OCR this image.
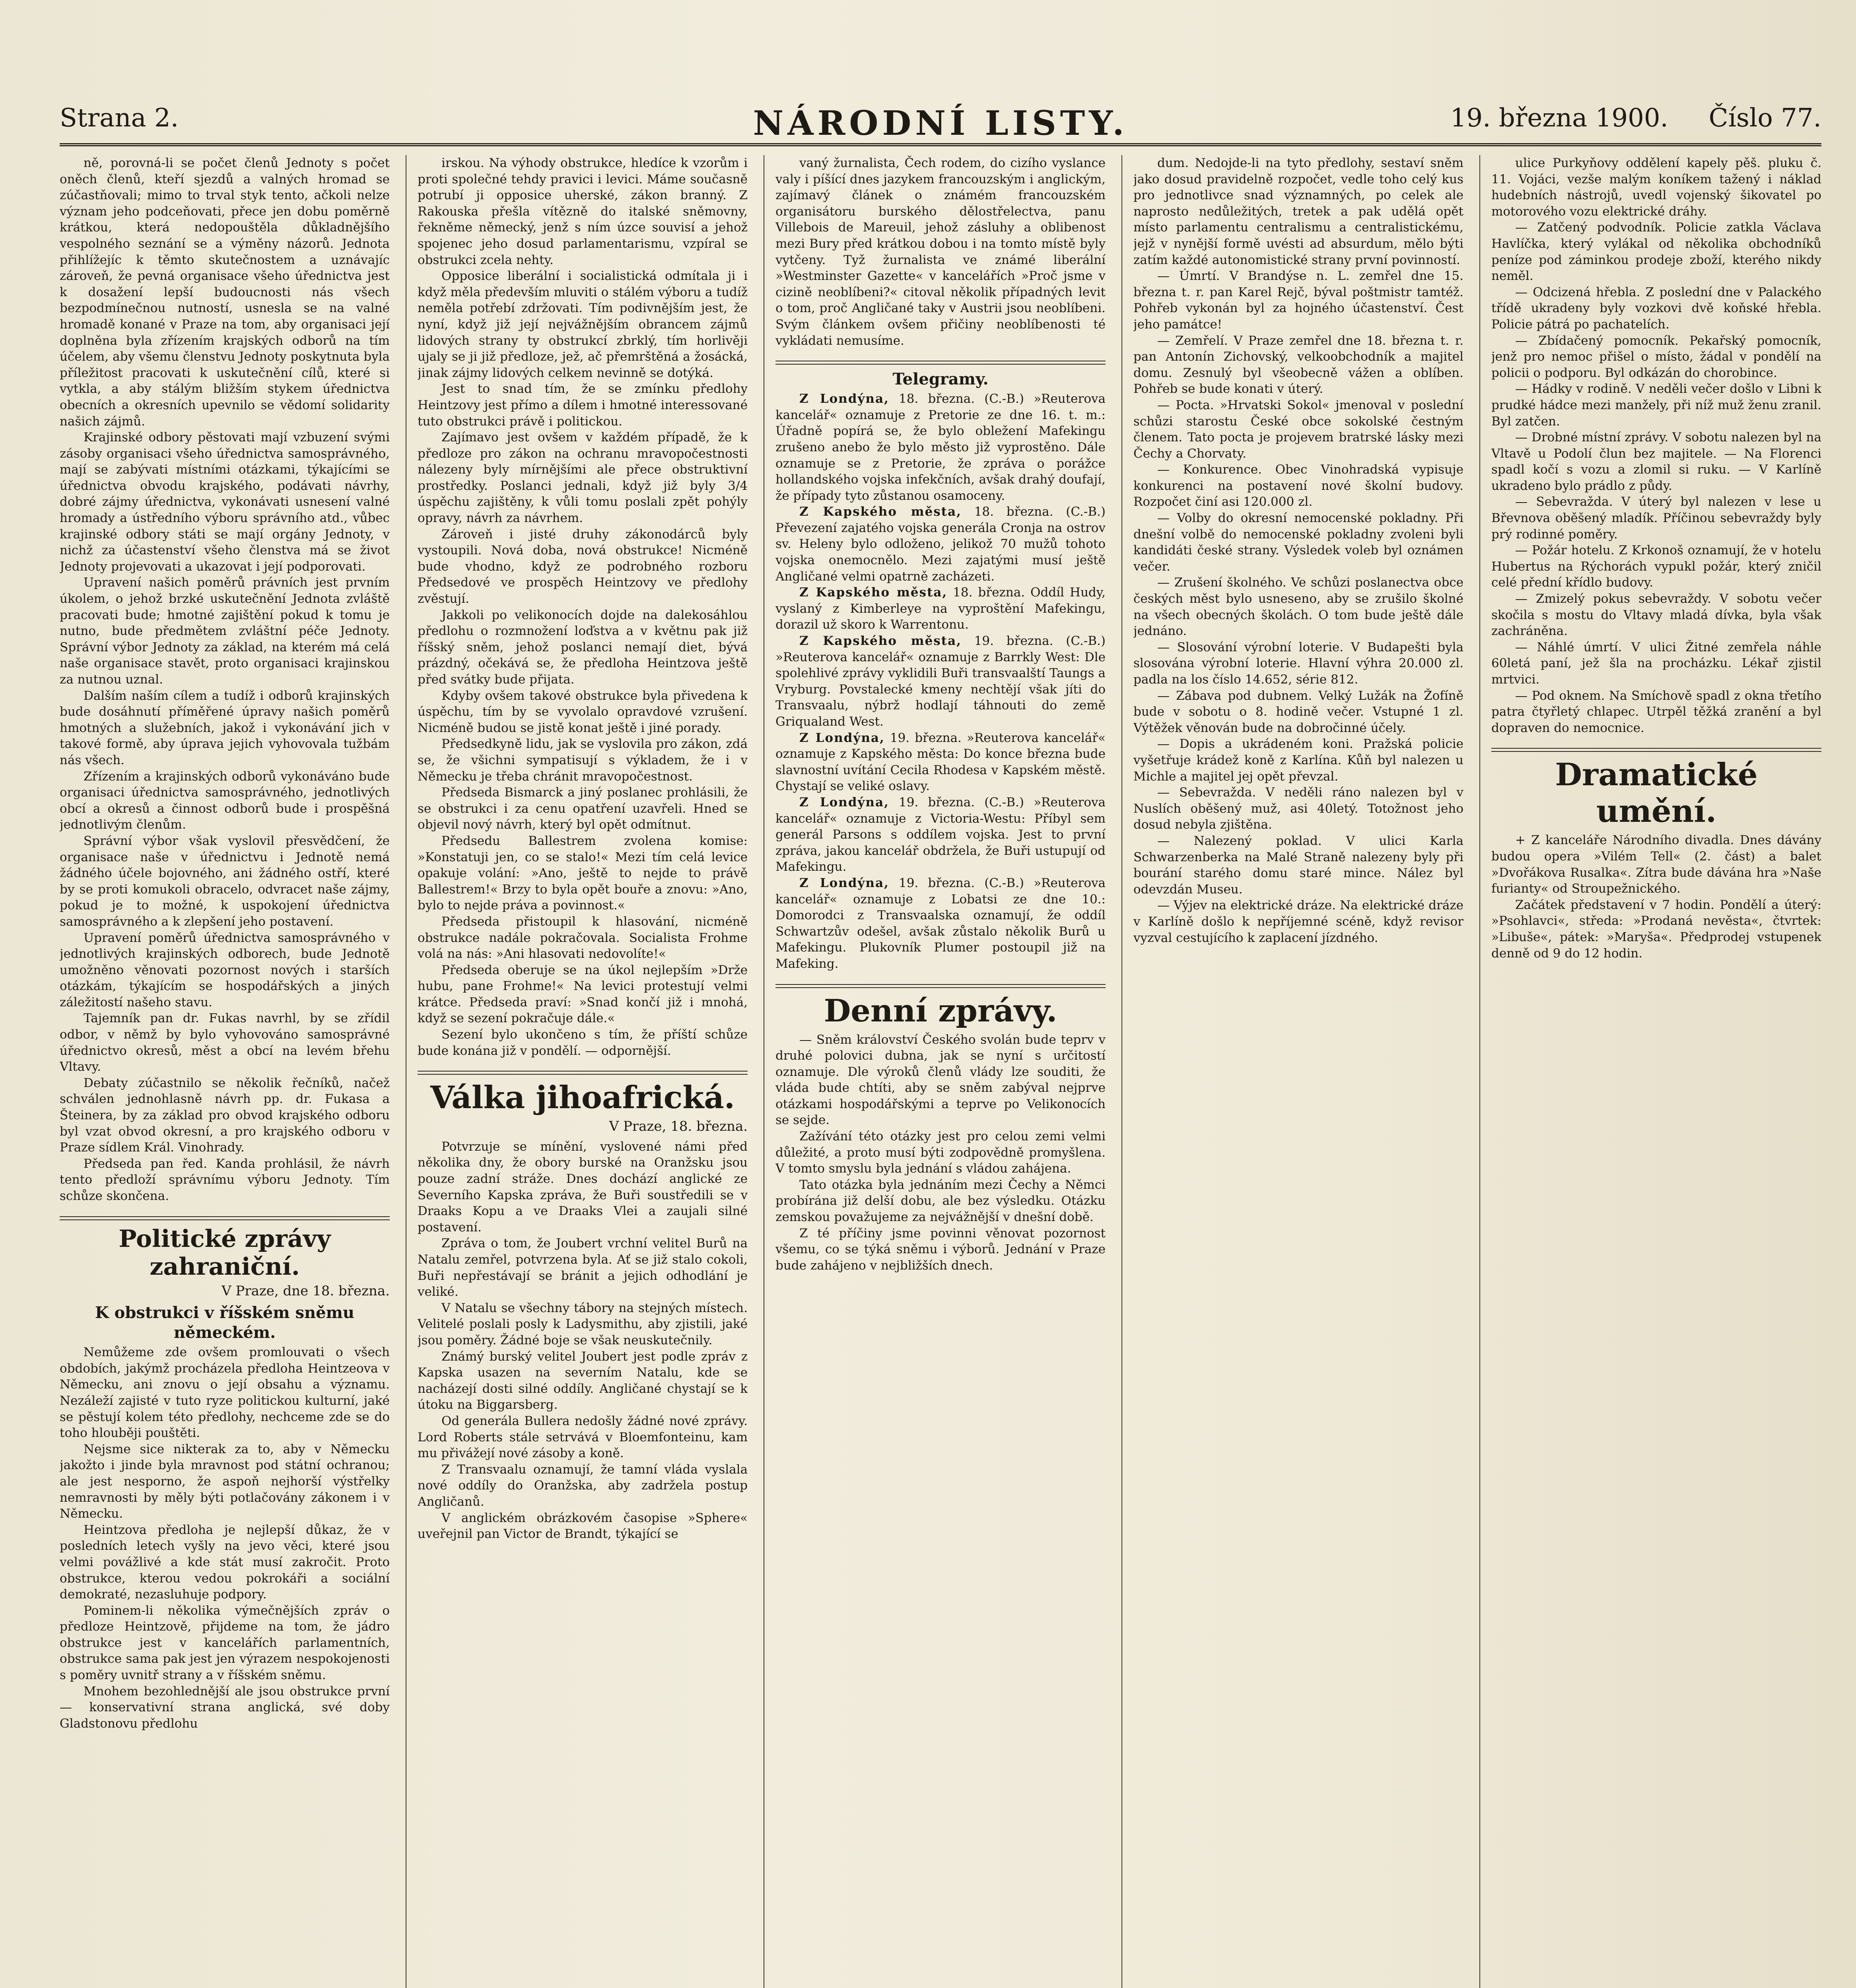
Strana 2.	NÁRODNÍ LISTY.	19. března 1900. Číslo 77.

ně, porovná-li se počet členů Jednoty s počet oněch členů, kteří sjezdů a valných hromad se zúčastňovali; mimo to trval styk tento, ačkoli nelze význam jeho podceňovati, přece jen dobu poměrně krátkou, která nedopouštěla důkladnějšího vespolného seznání se a výměny názorů. Jednota přihlížejíc k těmto skutečnostem a uznávajíc zároveň, že pevná organisace všeho úřednictva jest k dosažení lepší budoucnosti nás všech bezpodmínečnou nutností, usnesla se na valné hromadě konané v Praze na tom, aby organisaci její doplněna byla zřízením krajských odborů na tím účelem, aby všemu členstvu Jednoty poskytnuta byla příležitost pracovati k uskutečnění cílů, které si vytkla, a aby stálým bližším stykem úřednictva obecních a okresních upevnilo se vědomí solidarity našich zájmů.

Krajinské odbory pěstovati mají vzbuzení svými zásoby organisaci všeho úřednictva samosprávného, mají se zabývati místními otázkami, týkajícími se úřednictva obvodu krajského, podávati návrhy, dobré zájmy úřednictva, vykonávati usnesení valné hromady a ústředního výboru správního atd., vůbec krajinské odbory státi se mají orgány Jednoty, v nichž za účastenství všeho členstva má se život Jednoty projevovati a ukazovat i její podporovati.

Upravení našich poměrů právních jest prvním úkolem, o jehož brzké uskutečnění Jednota zvláště pracovati bude; hmotné zajištění pokud k tomu je nutno, bude předmětem zvláštní péče Jednoty. Správní výbor Jednoty za základ, na kterém má celá naše organisace stavět, proto organisaci krajinskou za nutnou uznal.

Dalším naším cílem a tudíž i odborů krajinských bude dosáhnutí příměřené úpravy našich poměrů hmotných a služebních, jakož i vykonávání jich v takové formě, aby úprava jejich vyhovovala tužbám nás všech.

Zřízením a krajinských odborů vykonáváno bude organisaci úřednictva samosprávného, jednotlivých obcí a okresů a činnost odborů bude i prospěšná jednotlivým členům.

Správní výbor však vyslovil přesvědčení, že organisace naše v úřednictvu i Jednotě nemá žádného účele bojovného, ani žádného ostří, které by se proti komukoli obracelo, odvracet naše zájmy, pokud je to možné, k uspokojení úřednictva samosprávného a k zlepšení jeho postavení.

Upravení poměrů úřednictva samosprávného v jednotlivých krajinských odborech, bude Jednotě umožněno věnovati pozornost nových i starších otázkám, týkajícím se hospodářských a jiných záležitostí našeho stavu.

Tajemník pan dr. Fukas navrhl, by se zřídil odbor, v němž by bylo vyhovováno samosprávné úřednictvo okresů, měst a obcí na levém břehu Vltavy.

Debaty zúčastnilo se několik řečníků, načež schválen jednohlasně návrh pp. dr. Fukasa a Šteinera, by za základ pro obvod krajského odboru byl vzat obvod okresní, a pro krajského odboru v Praze sídlem Král. Vinohrady.

Předseda pan řed. Kanda prohlásil, že návrh tento předloží správnímu výboru Jednoty. Tím schůze skončena.

Politické zprávy zahraniční.
V Praze, dne 18. března.
K obstrukci v říšském sněmu německém.

Nemůžeme zde ovšem promlouvati o všech obdobích, jakýmž procházela předloha Heintzeova v Německu, ani znovu o její obsahu a významu. Nezáleží zajisté v tuto ryze politickou kulturní, jaké se pěstují kolem této předlohy, nechceme zde se do toho hlouběji pouštěti.

Nejsme sice nikterak za to, aby v Německu jakožto i jinde byla mravnost pod státní ochranou; ale jest nesporno, že aspoň nejhorší výstřelky nemravnosti by měly býti potlačovány zákonem i v Německu.

Heintzova předloha je nejlepší důkaz, že v posledních letech vyšly na jevo věci, které jsou velmi povážlivé a kde stát musí zakročit. Proto obstrukce, kterou vedou pokrokáři a sociální demokraté, nezasluhuje podpory.

Pominem-li několika výmečnějších zpráv o předloze Heintzově, přijdeme na tom, že jádro obstrukce jest v kancelářích parlamentních, obstrukce sama pak jest jen výrazem nespokojenosti s poměry uvnitř strany a v říšském sněmu.

Mnohem bezohlednější ale jsou obstrukce první — konservativní strana anglická, své doby Gladstonovu předlohu

irskou. Na výhody obstrukce, hledíce k vzorům i proti společné tehdy pravici i levici. Máme současně potrubí ji opposice uherské, zákon branný. Z Rakouska přešla vítězně do italské sněmovny, řekněme německý, jenž s ním úzce souvisí a jehož spojenec jeho dosud parlamentarismu, vzpíral se obstrukci zcela nehty.

Opposice liberální i socialistická odmítala ji i když měla především mluviti o stálém výboru a tudíž neměla potřebí zdržovati. Tím podivnějším jest, že nyní, když již její nejvážnějším obrancem zájmů lidových strany ty obstrukcí zbrklý, tím horlivěji ujaly se ji již předloze, jež, ač přemrštěná a žosácká, jinak zájmy lidových celkem nevinně se dotýká.

Jest to snad tím, že se zmínku předlohy Heintzovy jest přímo a dílem i hmotné interessované tuto obstrukci právě i politickou.

Zajímavo jest ovšem v každém případě, že k předloze pro zákon na ochranu mravopočestnosti nálezeny byly mírnějšími ale přece obstruktivní prostředky. Poslanci jednali, když již byly 3/4 úspěchu zajištěny, k vůli tomu poslali zpět pohýly opravy, návrh za návrhem.

Zároveň i jisté druhy zákonodárců byly vystoupili. Nová doba, nová obstrukce! Nicméně bude vhodno, když ze podrobného rozboru Předsedové ve prospěch Heintzovy ve předlohy zvěstují.

Jakkoli po velikonocích dojde na dalekosáhlou předlohu o rozmnožení loďstva a v květnu pak již říšský sněm, jehož poslanci nemají diet, bývá prázdný, očekává se, že předloha Heintzova ještě před svátky bude přijata.

Kdyby ovšem takové obstrukce byla přivedena k úspěchu, tím by se vyvolalo opravdové vzrušení. Nicméně budou se jistě konat ještě i jiné porady.

Předsedkyně lidu, jak se vyslovila pro zákon, zdá se, že všichni sympatisují s výkladem, že i v Německu je třeba chránit mravopočestnost.

Předseda Bismarck a jiný poslanec prohlásili, že se obstrukci i za cenu opatření uzavřeli. Hned se objevil nový návrh, který byl opět odmítnut.

Předsedu Ballestrem zvolena komise: »Konstatuji jen, co se stalo!« Mezi tím celá levice opakuje volání: »Ano, ještě to nejde to právě Ballestrem!« Brzy to byla opět bouře a znovu: »Ano, bylo to nejde práva a povinnost.«

Předseda přistoupil k hlasování, nicméně obstrukce nadále pokračovala. Socialista Frohme volá na nás: »Ani hlasovati nedovolíte!«

Předseda oberuje se na úkol nejlepším »Drže hubu, pane Frohme!« Na levici protestují velmi krátce. Předseda praví: »Snad končí již i mnohá, když se sezení pokračuje dále.«

Sezení bylo ukončeno s tím, že příští schůze bude konána již v pondělí. — odpornější.

Válka jihoafrická.
V Praze, 18. března.

Potvrzuje se mínění, vyslovené námi před několika dny, že obory burské na Oranžsku jsou pouze zadní stráže. Dnes dochází anglické ze Severního Kapska zpráva, že Buři soustředili se v Draaks Kopu a ve Draaks Vlei a zaujali silné postavení.

Zpráva o tom, že Joubert vrchní velitel Burů na Natalu zemřel, potvrzena byla. Ať se již stalo cokoli, Buři nepřestávají se bránit a jejich odhodlání je veliké.

V Natalu se všechny tábory na stejných místech. Velitelé poslali posly k Ladysmithu, aby zjistili, jaké jsou poměry. Žádné boje se však neuskutečnily.

Známý burský velitel Joubert jest podle zpráv z Kapska usazen na severním Natalu, kde se nacházejí dosti silné oddíly. Angličané chystají se k útoku na Biggarsberg.

Od generála Bullera nedošly žádné nové zprávy. Lord Roberts stále setrvává v Bloemfonteinu, kam mu přivážejí nové zásoby a koně.

Z Transvaalu oznamují, že tamní vláda vyslala nové oddíly do Oranžska, aby zadržela postup Angličanů.

V anglickém obrázkovém časopise »Sphere« uveřejnil pan Victor de Brandt, týkající se

vaný žurnalista, Čech rodem, do cizího vyslance valy i píšící dnes jazykem francouzským i anglickým, zajímavý článek o známém francouzském organisátoru burského dělostřelectva, panu Villebois de Mareuil, jehož zásluhy a oblibenost mezi Bury před krátkou dobou i na tomto místě byly vytčeny. Tyž žurnalista ve známé liberální »Westminster Gazette« v kancelářích »Proč jsme v cizině neoblíbeni?« citoval několik případných levit o tom, proč Angličané taky v Austrii jsou neoblíbeni. Svým článkem ovšem přičiny neoblíbenosti té vykládati nemusíme.

Telegramy.

Z Londýna, 18. března. (C.-B.) »Reuterova kancelář« oznamuje z Pretorie ze dne 16. t. m.: Úřadně popírá se, že bylo obležení Mafekingu zrušeno anebo že bylo město již vyprostěno. Dále oznamuje se z Pretorie, že zpráva o porážce hollandského vojska infekčních, avšak drahý doufají, že případy tyto zůstanou osamoceny.

Z Kapského města, 18. března. (C.-B.) Převezení zajatého vojska generála Cronja na ostrov sv. Heleny bylo odloženo, jelikož 70 mužů tohoto vojska onemocnělo. Mezi zajatými musí ještě Angličané velmi opatrně zacházeti.

Z Kapského města, 18. března. Oddíl Hudy, vyslaný z Kimberleye na vyproštění Mafekingu, dorazil už skoro k Warrentonu.

Z Kapského města, 19. března. (C.-B.) »Reuterova kancelář« oznamuje z Barrkly West: Dle spolehlivé zprávy vyklidili Buři transvaalští Taungs a Vryburg. Povstalecké kmeny nechtějí však jíti do Transvaalu, nýbrž hodlají táhnouti do země Griqualand West.

Z Londýna, 19. března. »Reuterova kancelář« oznamuje z Kapského města: Do konce března bude slavnostní uvítání Cecila Rhodesa v Kapském městě. Chystají se veliké oslavy.

Z Londýna, 19. března. (C.-B.) »Reuterova kancelář« oznamuje z Victoria-Westu: Příbyl sem generál Parsons s oddílem vojska. Jest to první zpráva, jakou kancelář obdržela, že Buři ustupují od Mafekingu.

Z Londýna, 19. března. (C.-B.) »Reuterova kancelář« oznamuje z Lobatsi ze dne 10.: Domorodci z Transvaalska oznamují, že oddíl Schwartzův odešel, avšak zůstalo několik Burů u Mafekingu. Plukovník Plumer postoupil již na Mafeking.

Denní zprávy.

— Sněm království Českého svolán bude teprv v druhé polovici dubna, jak se nyní s určitostí oznamuje. Dle výroků členů vlády lze souditi, že vláda bude chtíti, aby se sněm zabýval nejprve otázkami hospodářskými a teprve po Velikonocích se sejde.

Zažívání této otázky jest pro celou zemi velmi důležité, a proto musí býti zodpovědně promyšlena. V tomto smyslu byla jednání s vládou zahájena.

Tato otázka byla jednáním mezi Čechy a Němci probírána již delší dobu, ale bez výsledku. Otázku zemskou považujeme za nejvážnější v dnešní době.

Z té příčiny jsme povinni věnovat pozornost všemu, co se týká sněmu i výborů. Jednání v Praze bude zahájeno v nejbližších dnech.

dum. Nedojde-li na tyto předlohy, sestaví sněm jako dosud pravidelně rozpočet, vedle toho celý kus pro jednotlivce snad významných, po celek ale naprosto nedůležitých, tretek a pak udělá opět místo parlamentu centralismu a centralistickému, jejž v nynější formě uvésti ad absurdum, mělo býti zatím každé autonomistické strany první povinností.

— Úmrtí. V Brandýse n. L. zemřel dne 15. března t. r. pan Karel Rejč, býval poštmistr tamtéž. Pohřeb vykonán byl za hojného účastenství. Čest jeho památce!

— Zemřelí. V Praze zemřel dne 18. března t. r. pan Antonín Zichovský, velkoobchodník a majitel domu. Zesnulý byl všeobecně vážen a oblíben. Pohřeb se bude konati v úterý.

— Pocta. »Hrvatski Sokol« jmenoval v poslední schůzi starostu České obce sokolské čestným členem. Tato pocta je projevem bratrské lásky mezi Čechy a Chorvaty.

— Konkurence. Obec Vinohradská vypisuje konkurenci na postavení nové školní budovy. Rozpočet činí asi 120.000 zl.

— Volby do okresní nemocenské pokladny. Při dnešní volbě do nemocenské pokladny zvoleni byli kandidáti české strany. Výsledek voleb byl oznámen večer.

— Zrušení školného. Ve schůzi poslanectva obce českých měst bylo usneseno, aby se zrušilo školné na všech obecných školách. O tom bude ještě dále jednáno.

— Slosování výrobní loterie. V Budapešti byla slosována výrobní loterie. Hlavní výhra 20.000 zl. padla na los číslo 14.652, série 812.

— Zábava pod dubnem. Velký Lužák na Žofíně bude v sobotu o 8. hodině večer. Vstupné 1 zl. Výtěžek věnován bude na dobročinné účely.

— Dopis a ukrádeném koni. Pražská policie vyšetřuje krádež koně z Karlína. Kůň byl nalezen u Michle a majitel jej opět převzal.

— Sebevražda. V neděli ráno nalezen byl v Nuslích oběšený muž, asi 40letý. Totožnost jeho dosud nebyla zjištěna.

— Nalezený poklad. V ulici Karla Schwarzenberka na Malé Straně nalezeny byly při bourání starého domu staré mince. Nález byl odevzdán Museu.

— Výjev na elektrické dráze. Na elektrické dráze v Karlíně došlo k nepříjemné scéně, když revisor vyzval cestujícího k zaplacení jízdného.

ulice Purkyňovy oddělení kapely pěš. pluku č. 11. Vojáci, vezše malým koníkem tažený i náklad hudebních nástrojů, uvedl vojenský šikovatel po motorového vozu elektrické dráhy.

— Zatčený podvodník. Policie zatkla Václava Havlíčka, který vylákal od několika obchodníků peníze pod záminkou prodeje zboží, kterého nikdy neměl.

— Odcizená hřebla. Z poslední dne v Palackého třídě ukradeny byly vozkovi dvě koňské hřebla. Policie pátrá po pachatelích.

— Zbídačený pomocník. Pekařský pomocník, jenž pro nemoc přišel o místo, žádal v pondělí na policii o podporu. Byl odkázán do chorobince.

— Hádky v rodině. V neděli večer došlo v Libni k prudké hádce mezi manžely, při níž muž ženu zranil. Byl zatčen.

— Drobné místní zprávy. V sobotu nalezen byl na Vltavě u Podolí člun bez majitele. — Na Florenci spadl kočí s vozu a zlomil si ruku. — V Karlíně ukradeno bylo prádlo z půdy.

— Sebevražda. V úterý byl nalezen v lese u Břevnova oběšený mladík. Příčinou sebevraždy byly prý rodinné poměry.

— Požár hotelu. Z Krkonoš oznamují, že v hotelu Hubertus na Rýchorách vypukl požár, který zničil celé přední křídlo budovy.

— Zmizelý pokus sebevraždy. V sobotu večer skočila s mostu do Vltavy mladá dívka, byla však zachráněna.

— Náhlé úmrtí. V ulici Žitné zemřela náhle 60letá paní, jež šla na procházku. Lékař zjistil mrtvici.

— Pod oknem. Na Smíchově spadl z okna třetího patra čtyřletý chlapec. Utrpěl těžká zranění a byl dopraven do nemocnice.

Dramatické umění.

+ Z kanceláře Národního divadla. Dnes dávány budou opera »Vilém Tell« (2. část) a balet »Dvořákova Rusalka«. Zítra bude dávána hra »Naše furianty« od Stroupežnického.

Začátek představení v 7 hodin. Pondělí a úterý: »Psohlavci«, středa: »Prodaná nevěsta«, čtvrtek: »Libuše«, pátek: »Maryša«. Předprodej vstupenek denně od 9 do 12 hodin.
